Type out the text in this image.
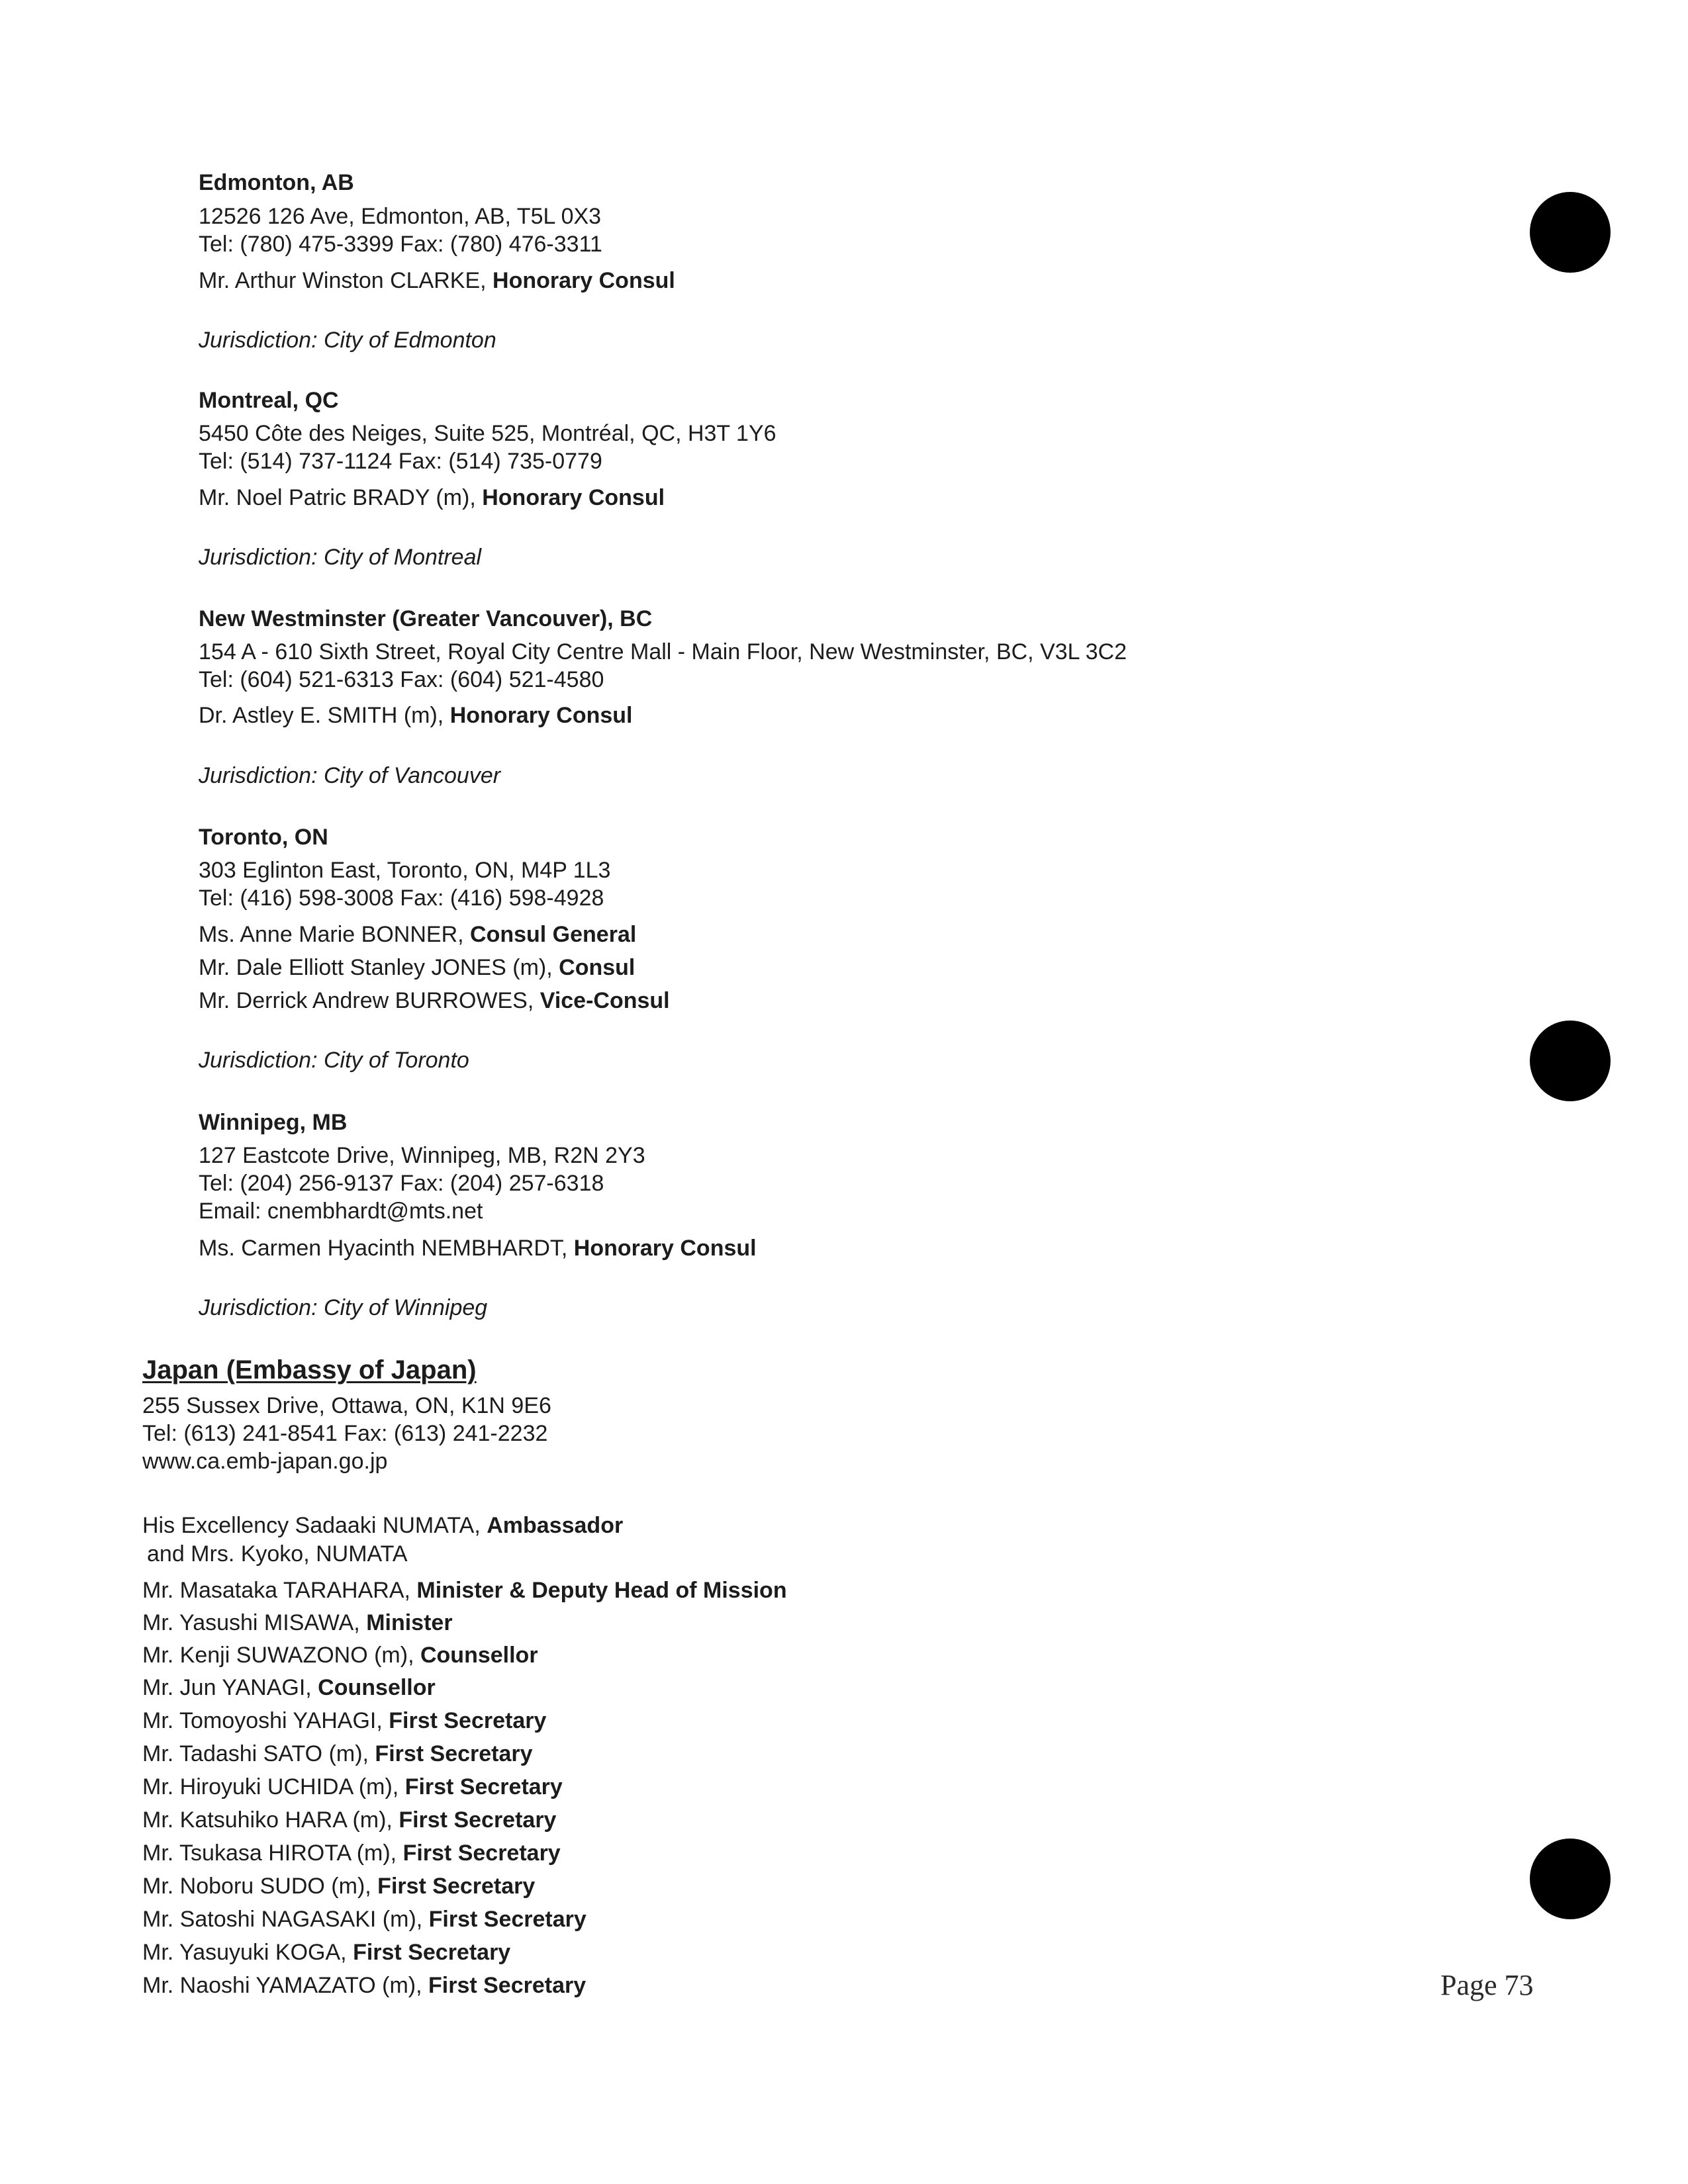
Edmonton, AB
12526 126 Ave, Edmonton, AB, T5L 0X3
Tel: (780) 475-3399 Fax: (780) 476-3311
Mr. Arthur Winston CLARKE, Honorary Consul
Jurisdiction: City of Edmonton
Montreal, QC
5450 Côte des Neiges, Suite 525, Montréal, QC, H3T 1Y6
Tel: (514) 737-1124 Fax: (514) 735-0779
Mr. Noel Patric BRADY (m), Honorary Consul
Jurisdiction: City of Montreal
New Westminster (Greater Vancouver), BC
154 A - 610 Sixth Street, Royal City Centre Mall - Main Floor, New Westminster, BC, V3L 3C2
Tel: (604) 521-6313 Fax: (604) 521-4580
Dr. Astley E. SMITH (m), Honorary Consul
Jurisdiction: City of Vancouver
Toronto, ON
303 Eglinton East, Toronto, ON, M4P 1L3
Tel: (416) 598-3008 Fax: (416) 598-4928
Ms. Anne Marie BONNER, Consul General
Mr. Dale Elliott Stanley JONES (m), Consul
Mr. Derrick Andrew BURROWES, Vice-Consul
Jurisdiction: City of Toronto
Winnipeg, MB
127 Eastcote Drive, Winnipeg, MB, R2N 2Y3
Tel: (204) 256-9137 Fax: (204) 257-6318
Email: cnembhardt@mts.net
Ms. Carmen Hyacinth NEMBHARDT, Honorary Consul
Jurisdiction: City of Winnipeg
Japan (Embassy of Japan)
255 Sussex Drive, Ottawa, ON, K1N 9E6
Tel: (613) 241-8541 Fax: (613) 241-2232
www.ca.emb-japan.go.jp
His Excellency Sadaaki NUMATA, Ambassador
and Mrs. Kyoko, NUMATA
Mr. Masataka TARAHARA, Minister & Deputy Head of Mission
Mr. Yasushi MISAWA, Minister
Mr. Kenji SUWAZONO (m), Counsellor
Mr. Jun YANAGI, Counsellor
Mr. Tomoyoshi YAHAGI, First Secretary
Mr. Tadashi SATO (m), First Secretary
Mr. Hiroyuki UCHIDA (m), First Secretary
Mr. Katsuhiko HARA (m), First Secretary
Mr. Tsukasa HIROTA (m), First Secretary
Mr. Noboru SUDO (m), First Secretary
Mr. Satoshi NAGASAKI (m), First Secretary
Mr. Yasuyuki KOGA, First Secretary
Mr. Naoshi YAMAZATO (m), First Secretary	Page 73
